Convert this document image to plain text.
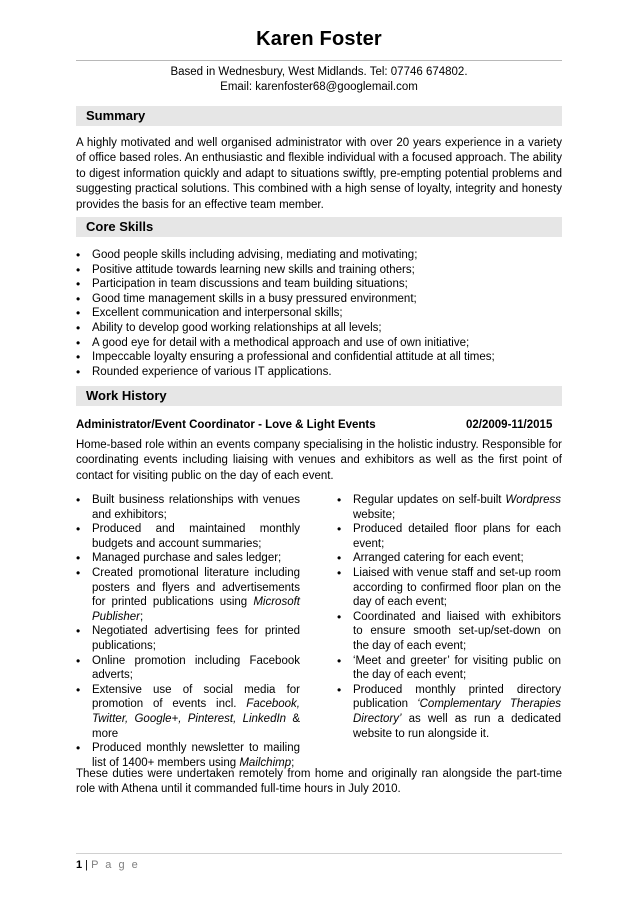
Karen Foster
Based in Wednesbury, West Midlands. Tel: 07746 674802.
Email: karenfoster68@googlemail.com
Summary

A highly motivated and well organised administrator with over 20 years experience in a variety of office based roles. An enthusiastic and flexible individual with a focused approach. The ability to digest information quickly and adapt to situations swiftly, pre-empting potential problems and suggesting practical solutions. This combined with a high sense of loyalty, integrity and honesty provides the basis for an effective team member.

Core Skills
• Good people skills including advising, mediating and motivating;
• Positive attitude towards learning new skills and training others;
• Participation in team discussions and team building situations;
• Good time management skills in a busy pressured environment;
• Excellent communication and interpersonal skills;
• Ability to develop good working relationships at all levels;
• A good eye for detail with a methodical approach and use of own initiative;
• Impeccable loyalty ensuring a professional and confidential attitude at all times;
• Rounded experience of various IT applications.
Work History
Administrator/Event Coordinator - Love & Light Events	02/2009-11/2015

Home-based role within an events company specialising in the holistic industry. Responsible for coordinating events including liaising with venues and exhibitors as well as the first point of contact for visiting public on the day of each event.

• Built business relationships with venues and exhibitors;
• Produced and maintained monthly budgets and account summaries;
• Managed purchase and sales ledger;
• Created promotional literature including posters and flyers and advertisements for printed publications using Microsoft Publisher;
• Negotiated advertising fees for printed publications;
• Online promotion including Facebook adverts;
• Extensive use of social media for promotion of events incl. Facebook, Twitter, Google+, Pinterest, LinkedIn & more
• Produced monthly newsletter to mailing list of 1400+ members using Mailchimp;
• Regular updates on self-built Wordpress website;
• Produced detailed floor plans for each event;
• Arranged catering for each event;
• Liaised with venue staff and set-up room according to confirmed floor plan on the day of each event;
• Coordinated and liaised with exhibitors to ensure smooth set-up/set-down on the day of each event;
• ‘Meet and greeter’ for visiting public on the day of each event;
• Produced monthly printed directory publication ‘Complementary Therapies Directory’ as well as run a dedicated website to run alongside it.

These duties were undertaken remotely from home and originally ran alongside the part-time role with Athena until it commanded full-time hours in July 2010.

1 | P a g e
